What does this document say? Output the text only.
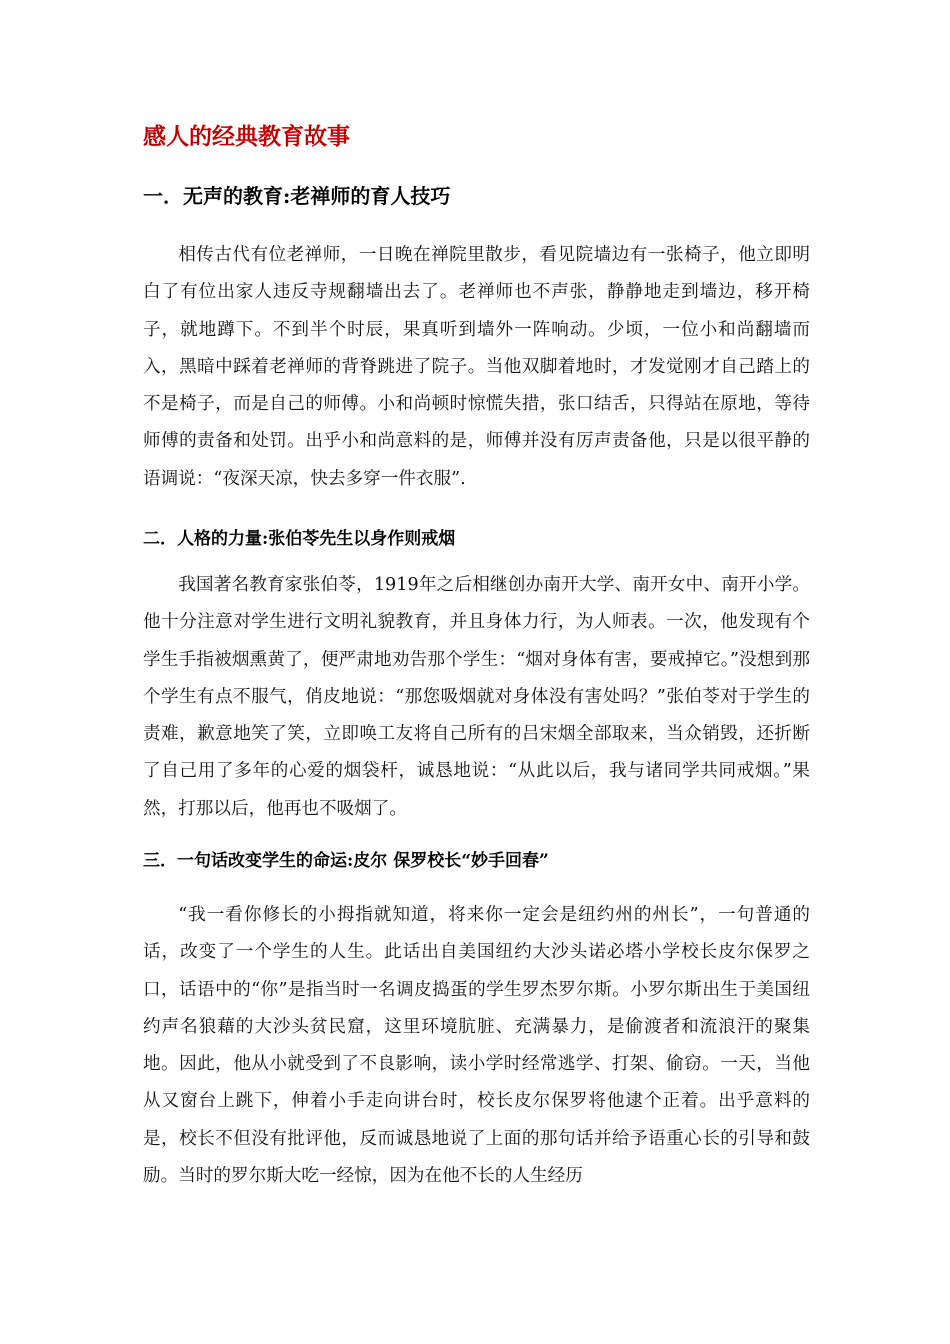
感人的经典教育故事
一．无声的教育:老禅师的育人技巧

相传古代有位老禅师，一日晚在禅院里散步，看见院墙边有一张椅子，他立即明白了有位出家人违反寺规翻墙出去了。老禅师也不声张，静静地走到墙边，移开椅子，就地蹲下。不到半个时辰，果真听到墙外一阵响动。少顷，一位小和尚翻墙而入，黑暗中踩着老禅师的背脊跳进了院子。当他双脚着地时，才发觉刚才自己踏上的不是椅子，而是自己的师傅。小和尚顿时惊慌失措，张口结舌，只得站在原地，等待师傅的责备和处罚。出乎小和尚意料的是，师傅并没有厉声责备他，只是以很平静的语调说：“夜深天凉，快去多穿一件衣服”.

二．人格的力量:张伯苓先生以身作则戒烟

我国著名教育家张伯苓，1919年之后相继创办南开大学、南开女中、南开小学。他十分注意对学生进行文明礼貌教育，并且身体力行，为人师表。一次，他发现有个学生手指被烟熏黄了，便严肃地劝告那个学生：“烟对身体有害，要戒掉它。”没想到那个学生有点不服气，俏皮地说：“那您吸烟就对身体没有害处吗？”张伯苓对于学生的责难，歉意地笑了笑，立即唤工友将自己所有的吕宋烟全部取来，当众销毁，还折断了自己用了多年的心爱的烟袋杆，诚恳地说：“从此以后，我与诸同学共同戒烟。”果然，打那以后，他再也不吸烟了。

三．一句话改变学生的命运:皮尔 保罗校长“妙手回春”

“我一看你修长的小拇指就知道，将来你一定会是纽约州的州长”，一句普通的话，改变了一个学生的人生。此话出自美国纽约大沙头诺必塔小学校长皮尔保罗之口，话语中的“你”是指当时一名调皮捣蛋的学生罗杰罗尔斯。小罗尔斯出生于美国纽约声名狼藉的大沙头贫民窟，这里环境肮脏、充满暴力，是偷渡者和流浪汗的聚集地。因此，他从小就受到了不良影响，读小学时经常逃学、打架、偷窃。一天，当他从又窗台上跳下，伸着小手走向讲台时，校长皮尔保罗将他逮个正着。出乎意料的是，校长不但没有批评他，反而诚恳地说了上面的那句话并给予语重心长的引导和鼓励。当时的罗尔斯大吃一经惊，因为在他不长的人生经历
